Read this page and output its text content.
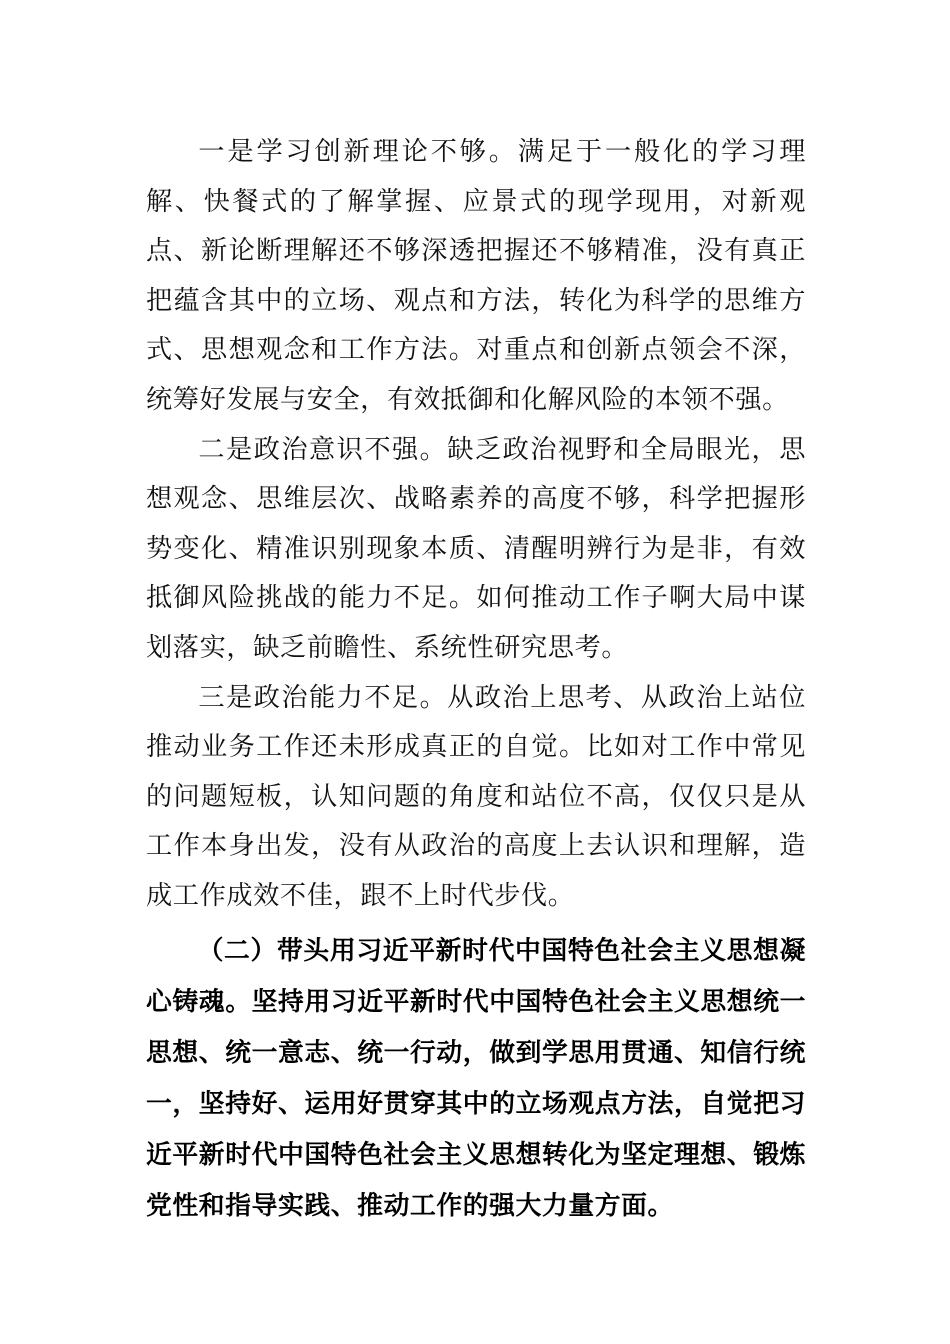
一是学习创新理论不够。满足于一般化的学习理解、快餐式的了解掌握、应景式的现学现用，对新观点、新论断理解还不够深透把握还不够精准，没有真正把蕴含其中的立场、观点和方法，转化为科学的思维方式、思想观念和工作方法。对重点和创新点领会不深，统筹好发展与安全，有效抵御和化解风险的本领不强。

二是政治意识不强。缺乏政治视野和全局眼光，思想观念、思维层次、战略素养的高度不够，科学把握形势变化、精准识别现象本质、清醒明辨行为是非，有效抵御风险挑战的能力不足。如何推动工作子啊大局中谋划落实，缺乏前瞻性、系统性研究思考。

三是政治能力不足。从政治上思考、从政治上站位推动业务工作还未形成真正的自觉。比如对工作中常见的问题短板，认知问题的角度和站位不高，仅仅只是从工作本身出发，没有从政治的高度上去认识和理解，造成工作成效不佳，跟不上时代步伐。

（二）带头用习近平新时代中国特色社会主义思想凝心铸魂。坚持用习近平新时代中国特色社会主义思想统一思想、统一意志、统一行动，做到学思用贯通、知信行统一，坚持好、运用好贯穿其中的立场观点方法，自觉把习近平新时代中国特色社会主义思想转化为坚定理想、锻炼党性和指导实践、推动工作的强大力量方面。
